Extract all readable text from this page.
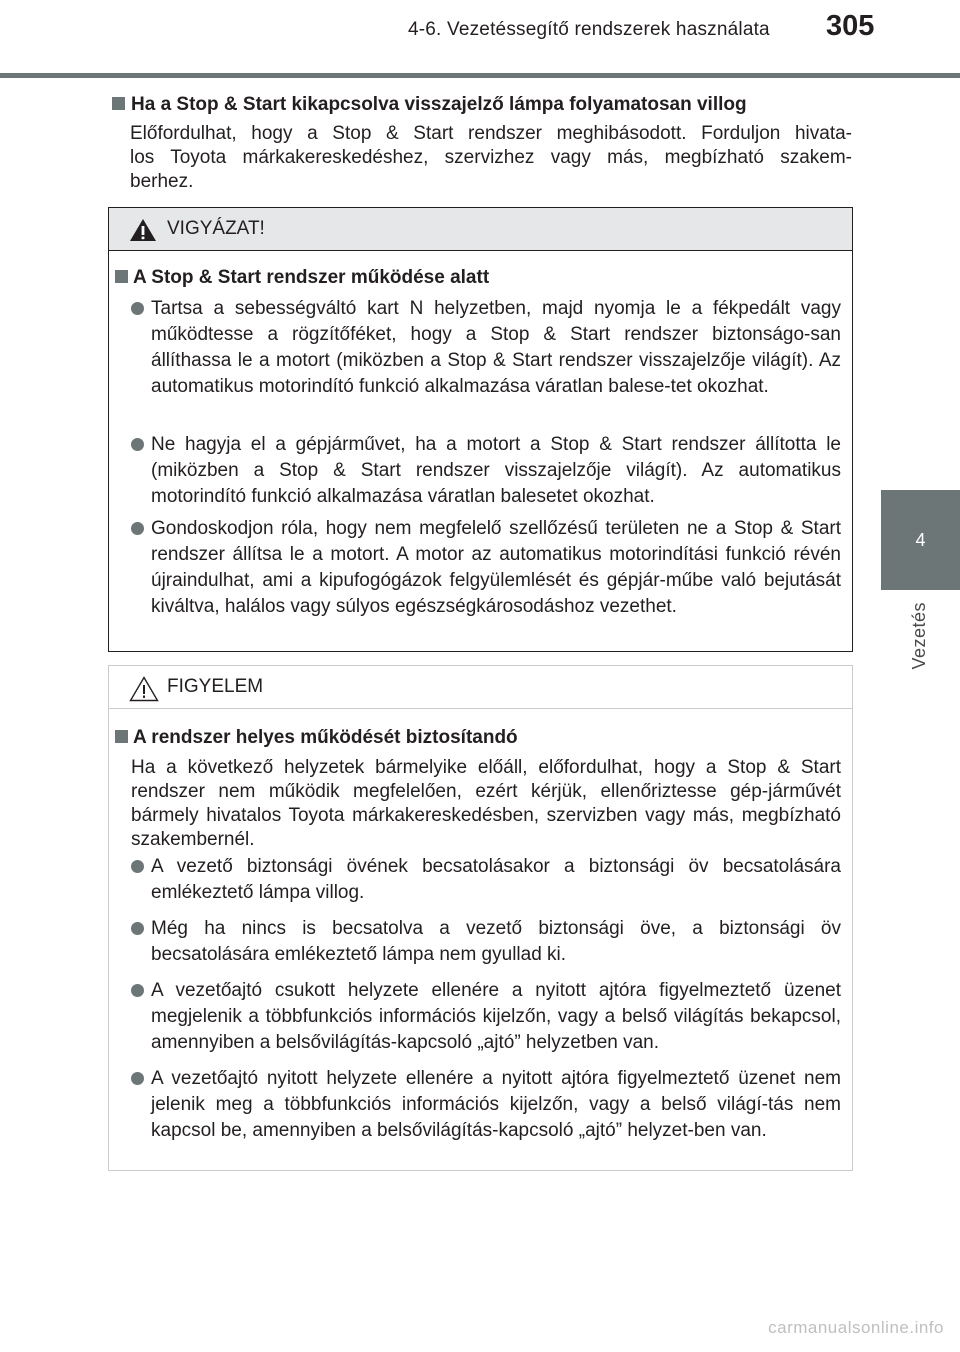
4-6. Vezetéssegítő rendszerek használata 305
4
Vezetés
Ha a Stop & Start kikapcsolva visszajelző lámpa folyamatosan villog
Előfordulhat, hogy a Stop & Start rendszer meghibásodott. Forduljon hivata-
los Toyota márkakereskedéshez, szervizhez vagy más, megbízható szakem-
berhez.
VIGYÁZAT!
A Stop & Start rendszer működése alatt
Tartsa a sebességváltó kart N helyzetben, majd nyomja le a fékpedált vagy működtesse a rögzítőféket, hogy a Stop & Start rendszer biztonságo-san állíthassa le a motort (miközben a Stop & Start rendszer visszajelzője világít). Az automatikus motorindító funkció alkalmazása váratlan balese-tet okozhat.
Ne hagyja el a gépjárművet, ha a motort a Stop & Start rendszer állította le (miközben a Stop & Start rendszer visszajelzője világít). Az automatikus motorindító funkció alkalmazása váratlan balesetet okozhat.
Gondoskodjon róla, hogy nem megfelelő szellőzésű területen ne a Stop & Start rendszer állítsa le a motort. A motor az automatikus motorindítási funkció révén újraindulhat, ami a kipufogógázok felgyülemlését és gépjár-műbe való bejutását kiváltva, halálos vagy súlyos egészségkárosodáshoz vezethet.
FIGYELEM
A rendszer helyes működését biztosítandó
Ha a következő helyzetek bármelyike előáll, előfordulhat, hogy a Stop & Start rendszer nem működik megfelelően, ezért kérjük, ellenőriztesse gép-járművét bármely hivatalos Toyota márkakereskedésben, szervizben vagy más, megbízható szakembernél.
A vezető biztonsági övének becsatolásakor a biztonsági öv becsatolására emlékeztető lámpa villog.
Még ha nincs is becsatolva a vezető biztonsági öve, a biztonsági öv becsatolására emlékeztető lámpa nem gyullad ki.
A vezetőajtó csukott helyzete ellenére a nyitott ajtóra figyelmeztető üzenet megjelenik a többfunkciós információs kijelzőn, vagy a belső világítás bekapcsol, amennyiben a belsővilágítás-kapcsoló „ajtó” helyzetben van.
A vezetőajtó nyitott helyzete ellenére a nyitott ajtóra figyelmeztető üzenet nem jelenik meg a többfunkciós információs kijelzőn, vagy a belső világí-tás nem kapcsol be, amennyiben a belsővilágítás-kapcsoló „ajtó” helyzet-ben van.
carmanualsonline.info
